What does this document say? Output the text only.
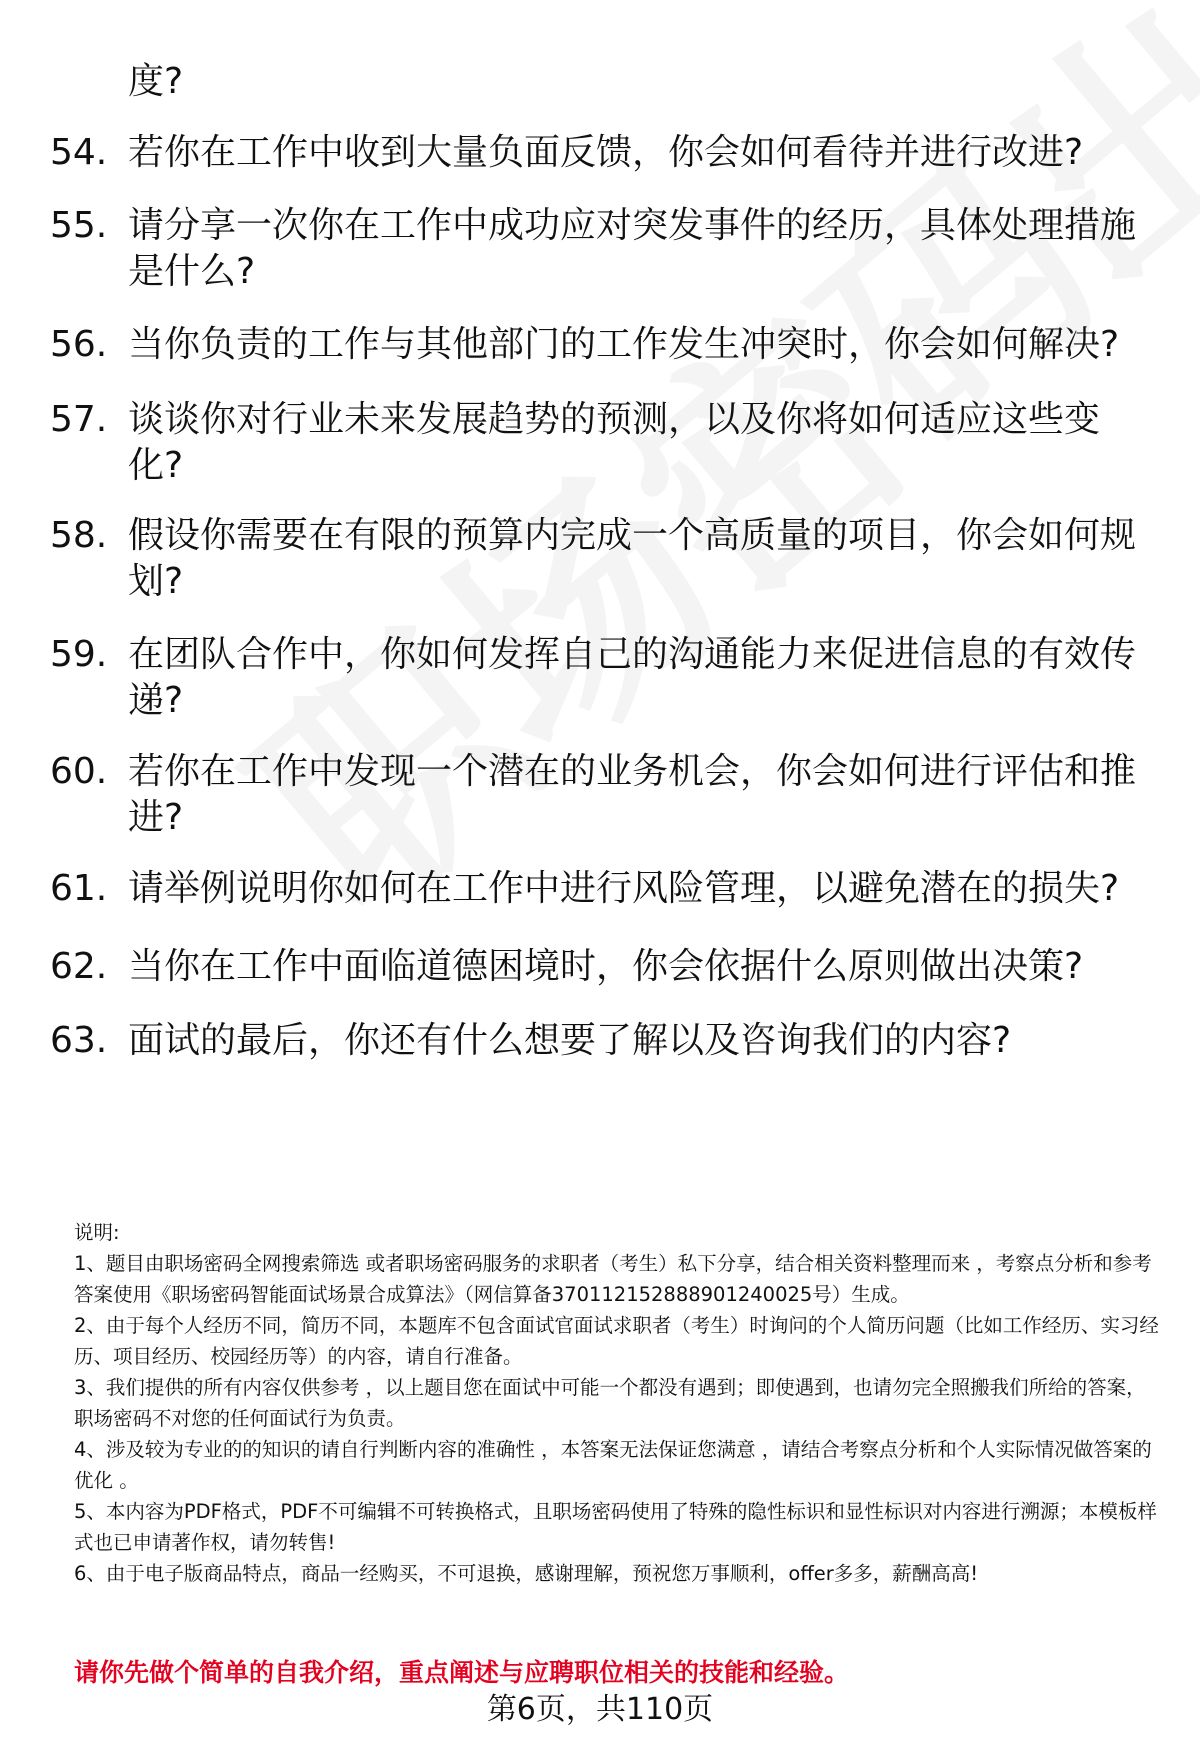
度?
54. 若你在工作中收到大量负面反馈，你会如何看待并进行改进?
55. 请分享一次你在工作中成功应对突发事件的经历，具体处理措施是什么?
56. 当你负责的工作与其他部门的工作发生冲突时，你会如何解决?
57. 谈谈你对行业未来发展趋势的预测，以及你将如何适应这些变化?
58. 假设你需要在有限的预算内完成一个高质量的项目，你会如何规划?
59. 在团队合作中，你如何发挥自己的沟通能力来促进信息的有效传递?
60. 若你在工作中发现一个潜在的业务机会，你会如何进行评估和推进?
61. 请举例说明你如何在工作中进行风险管理，以避免潜在的损失?
62. 当你在工作中面临道德困境时，你会依据什么原则做出决策?
63. 面试的最后，你还有什么想要了解以及咨询我们的内容?
说明:
1、题目由职场密码全网搜索筛选 或者职场密码服务的求职者（考生）私下分享，结合相关资料整理而来 ，考察点分析和参考答案使用《职场密码智能面试场景合成算法》（网信算备370112152888901240025号）生成。
2、由于每个人经历不同，简历不同，本题库不包含面试官面试求职者（考生）时询问的个人简历问题（比如工作经历、实习经历、项目经历、校园经历等）的内容，请自行准备。
3、我们提供的所有内容仅供参考 ，以上题目您在面试中可能一个都没有遇到；即使遇到，也请勿完全照搬我们所给的答案，职场密码不对您的任何面试行为负责。
4、涉及较为专业的的知识的请自行判断内容的准确性 ，本答案无法保证您满意 ，请结合考察点分析和个人实际情况做答案的优化 。
5、本内容为PDF格式，PDF不可编辑不可转换格式，且职场密码使用了特殊的隐性标识和显性标识对内容进行溯源；本模板样式也已申请著作权，请勿转售!
6、由于电子版商品特点，商品一经购买，不可退换，感谢理解，预祝您万事顺利，offer多多，薪酬高高!
请你先做个简单的自我介绍，重点阐述与应聘职位相关的技能和经验。
第6页，共110页
